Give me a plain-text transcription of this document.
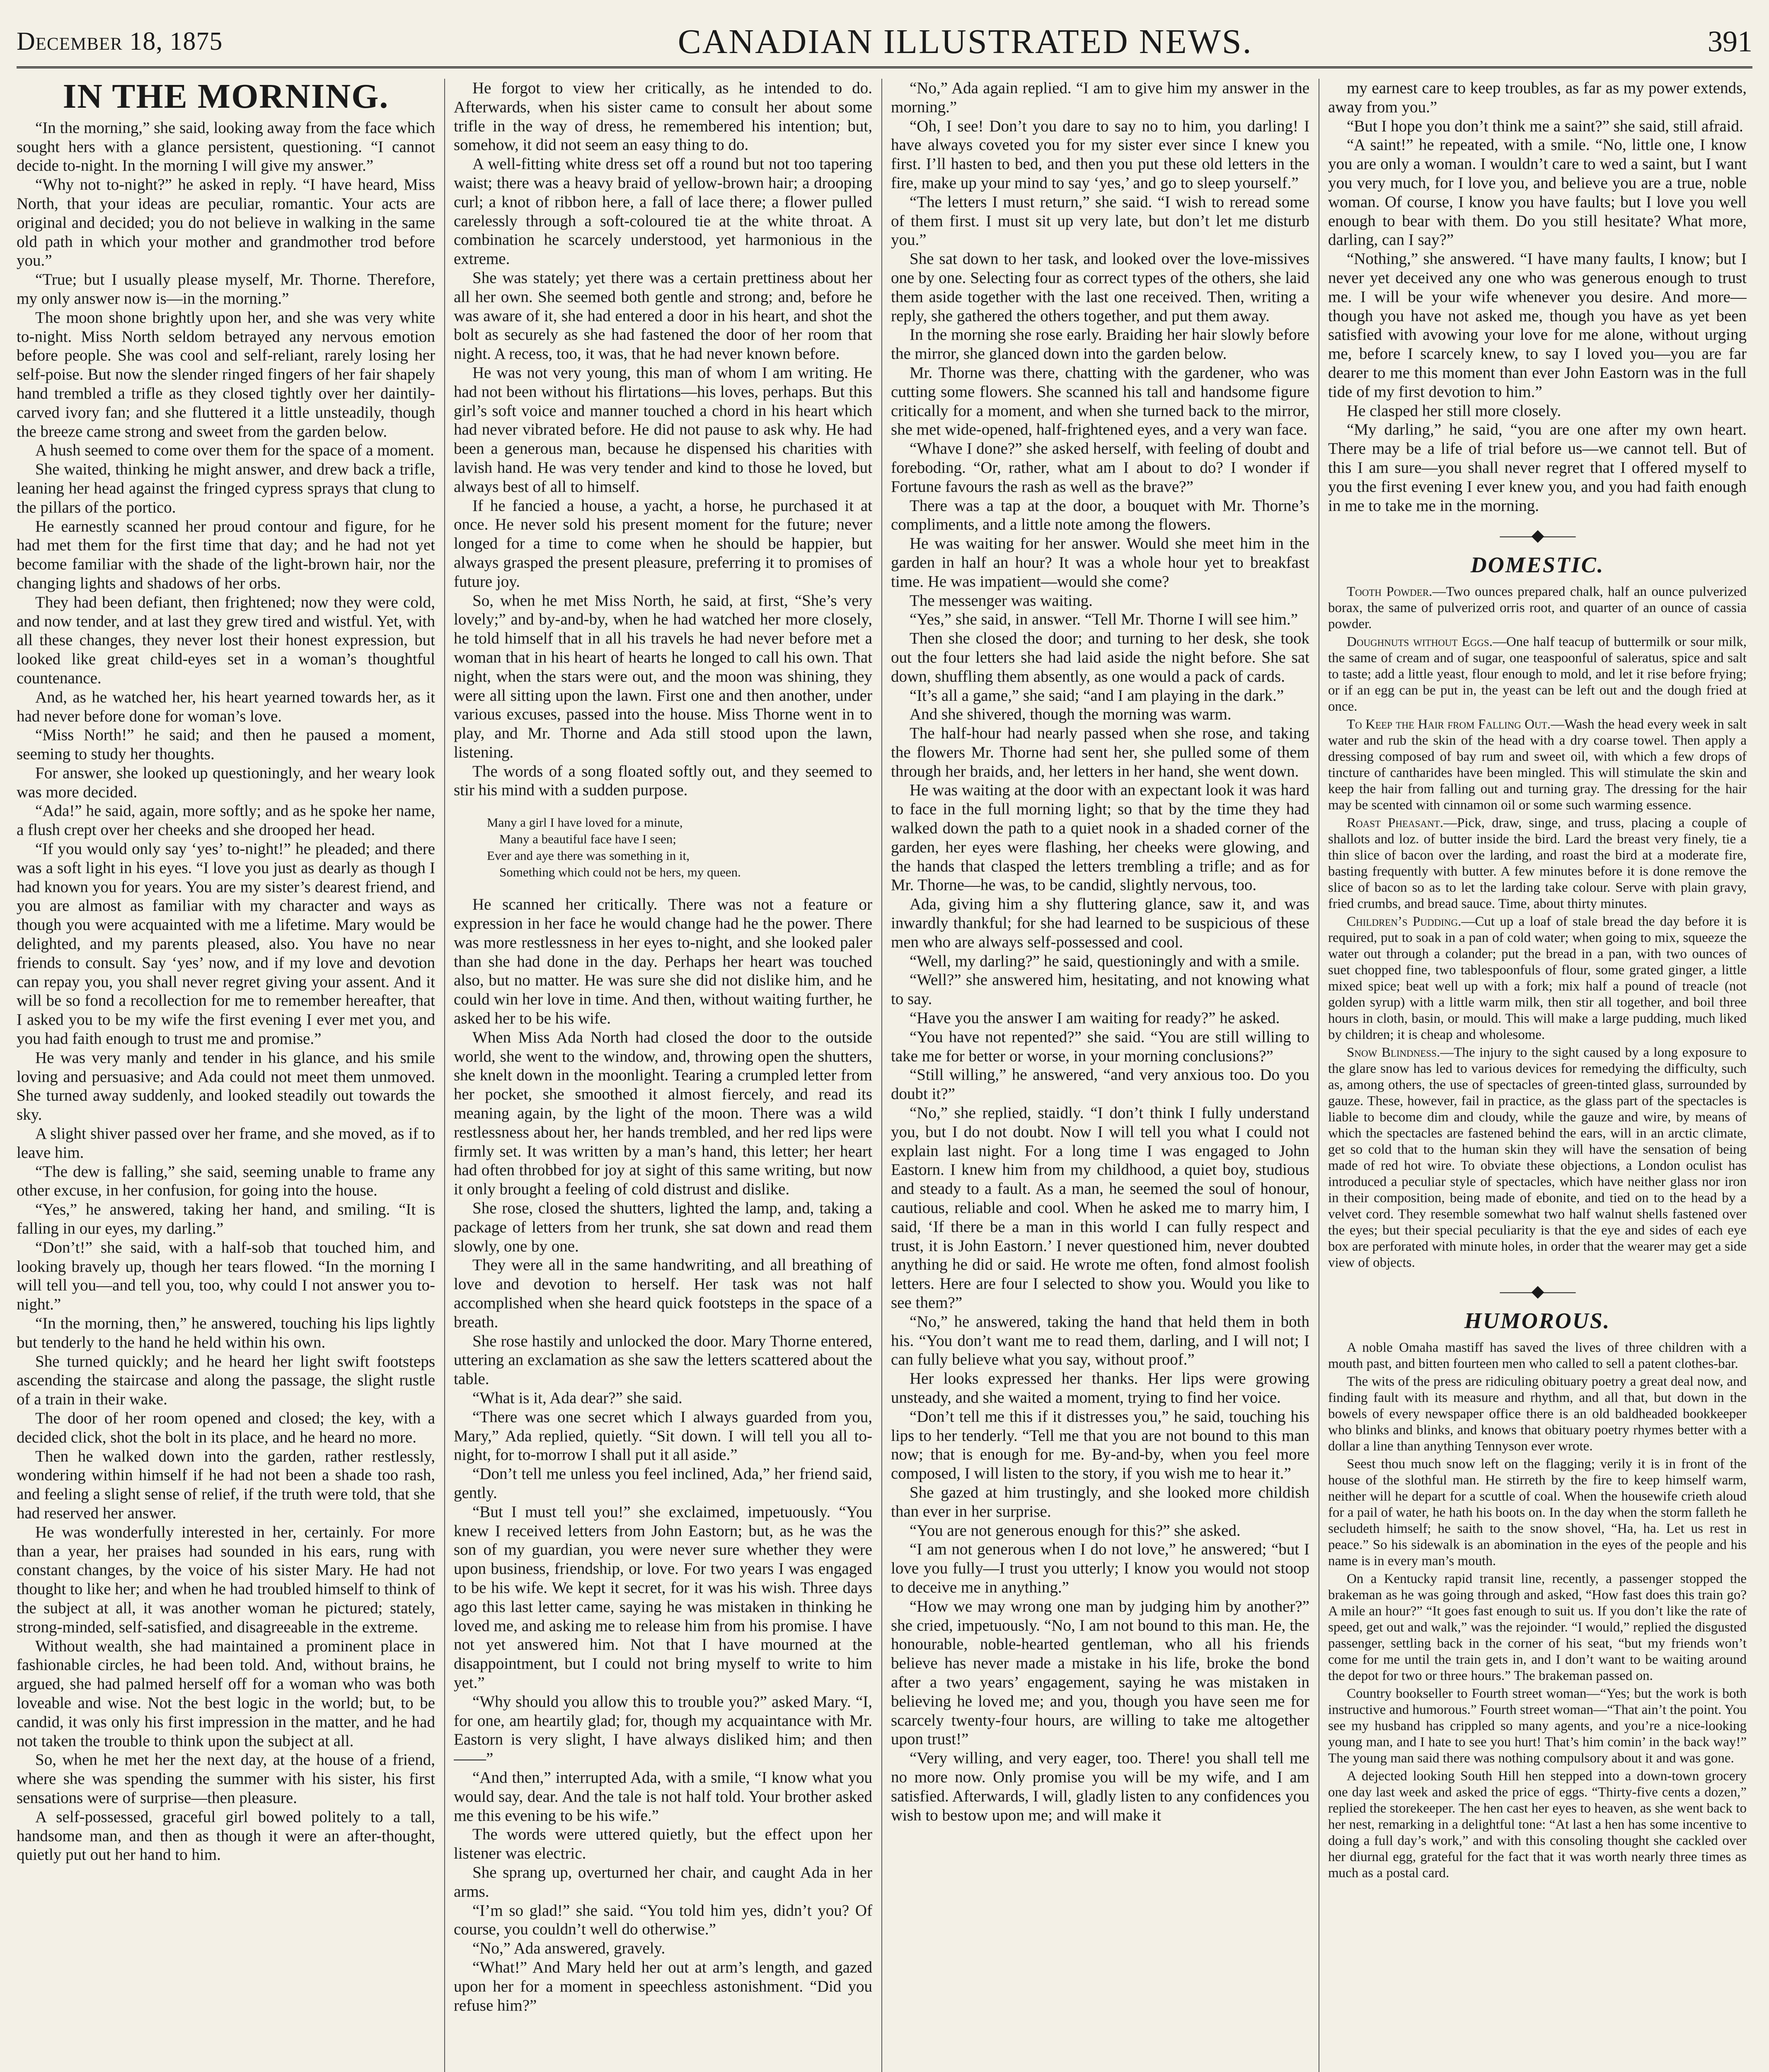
December 18, 1875	CANADIAN ILLUSTRATED NEWS.	391
IN THE MORNING.

“In the morning,” she said, looking away from the face which sought hers with a glance persistent, questioning. “I cannot decide to-night. In the morning I will give my answer.”

“Why not to-night?” he asked in reply. “I have heard, Miss North, that your ideas are peculiar, romantic. Your acts are original and decided; you do not believe in walking in the same old path in which your mother and grandmother trod before you.”

“True; but I usually please myself, Mr. Thorne. Therefore, my only answer now is—in the morning.”

The moon shone brightly upon her, and she was very white to-night. Miss North seldom betrayed any nervous emotion before people. She was cool and self-reliant, rarely losing her self-poise. But now the slender ringed fingers of her fair shapely hand trembled a trifle as they closed tightly over her daintily-carved ivory fan; and she fluttered it a little unsteadily, though the breeze came strong and sweet from the garden below.

A hush seemed to come over them for the space of a moment.

She waited, thinking he might answer, and drew back a trifle, leaning her head against the fringed cypress sprays that clung to the pillars of the portico.

He earnestly scanned her proud contour and figure, for he had met them for the first time that day; and he had not yet become familiar with the shade of the light-brown hair, nor the changing lights and shadows of her orbs.

They had been defiant, then frightened; now they were cold, and now tender, and at last they grew tired and wistful. Yet, with all these changes, they never lost their honest expression, but looked like great child-eyes set in a woman’s thoughtful countenance.

And, as he watched her, his heart yearned towards her, as it had never before done for woman’s love.

“Miss North!” he said; and then he paused a moment, seeming to study her thoughts.

For answer, she looked up questioningly, and her weary look was more decided.

“Ada!” he said, again, more softly; and as he spoke her name, a flush crept over her cheeks and she drooped her head.

“If you would only say ‘yes’ to-night!” he pleaded; and there was a soft light in his eyes. “I love you just as dearly as though I had known you for years. You are my sister’s dearest friend, and you are almost as familiar with my character and ways as though you were acquainted with me a lifetime. Mary would be delighted, and my parents pleased, also. You have no near friends to consult. Say ‘yes’ now, and if my love and devotion can repay you, you shall never regret giving your assent. And it will be so fond a recollection for me to remember hereafter, that I asked you to be my wife the first evening I ever met you, and you had faith enough to trust me and promise.”

He was very manly and tender in his glance, and his smile loving and persuasive; and Ada could not meet them unmoved. She turned away suddenly, and looked steadily out towards the sky.

A slight shiver passed over her frame, and she moved, as if to leave him.

“The dew is falling,” she said, seeming unable to frame any other excuse, in her confusion, for going into the house.

“Yes,” he answered, taking her hand, and smiling. “It is falling in our eyes, my darling.”

“Don’t!” she said, with a half-sob that touched him, and looking bravely up, though her tears flowed. “In the morning I will tell you—and tell you, too, why could I not answer you to-night.”

“In the morning, then,” he answered, touching his lips lightly but tenderly to the hand he held within his own.

She turned quickly; and he heard her light swift footsteps ascending the staircase and along the passage, the slight rustle of a train in their wake.

The door of her room opened and closed; the key, with a decided click, shot the bolt in its place, and he heard no more.

Then he walked down into the garden, rather restlessly, wondering within himself if he had not been a shade too rash, and feeling a slight sense of relief, if the truth were told, that she had reserved her answer.

He was wonderfully interested in her, certainly. For more than a year, her praises had sounded in his ears, rung with constant changes, by the voice of his sister Mary. He had not thought to like her; and when he had troubled himself to think of the subject at all, it was another woman he pictured; stately, strong-minded, self-satisfied, and disagreeable in the extreme.

Without wealth, she had maintained a prominent place in fashionable circles, he had been told. And, without brains, he argued, she had palmed herself off for a woman who was both loveable and wise. Not the best logic in the world; but, to be candid, it was only his first impression in the matter, and he had not taken the trouble to think upon the subject at all.

So, when he met her the next day, at the house of a friend, where she was spending the summer with his sister, his first sensations were of surprise—then pleasure.

A self-possessed, graceful girl bowed politely to a tall, handsome man, and then as though it were an after-thought, quietly put out her hand to him.

He forgot to view her critically, as he intended to do. Afterwards, when his sister came to consult her about some trifle in the way of dress, he remembered his intention; but, somehow, it did not seem an easy thing to do.

A well-fitting white dress set off a round but not too tapering waist; there was a heavy braid of yellow-brown hair; a drooping curl; a knot of ribbon here, a fall of lace there; a flower pulled carelessly through a soft-coloured tie at the white throat. A combination he scarcely understood, yet harmonious in the extreme.

She was stately; yet there was a certain prettiness about her all her own. She seemed both gentle and strong; and, before he was aware of it, she had entered a door in his heart, and shot the bolt as securely as she had fastened the door of her room that night. A recess, too, it was, that he had never known before.

He was not very young, this man of whom I am writing. He had not been without his flirtations—his loves, perhaps. But this girl’s soft voice and manner touched a chord in his heart which had never vibrated before. He did not pause to ask why. He had been a generous man, because he dispensed his charities with lavish hand. He was very tender and kind to those he loved, but always best of all to himself.

If he fancied a house, a yacht, a horse, he purchased it at once. He never sold his present moment for the future; never longed for a time to come when he should be happier, but always grasped the present pleasure, preferring it to promises of future joy.

So, when he met Miss North, he said, at first, “She’s very lovely;” and by-and-by, when he had watched her more closely, he told himself that in all his travels he had never before met a woman that in his heart of hearts he longed to call his own. That night, when the stars were out, and the moon was shining, they were all sitting upon the lawn. First one and then another, under various excuses, passed into the house. Miss Thorne went in to play, and Mr. Thorne and Ada still stood upon the lawn, listening.

The words of a song floated softly out, and they seemed to stir his mind with a sudden purpose.

Many a girl I have loved for a minute,
Many a beautiful face have I seen;
Ever and aye there was something in it,
Something which could not be hers, my queen.

He scanned her critically. There was not a feature or expression in her face he would change had he the power. There was more restlessness in her eyes to-night, and she looked paler than she had done in the day. Perhaps her heart was touched also, but no matter. He was sure she did not dislike him, and he could win her love in time. And then, without waiting further, he asked her to be his wife.

When Miss Ada North had closed the door to the outside world, she went to the window, and, throwing open the shutters, she knelt down in the moonlight. Tearing a crumpled letter from her pocket, she smoothed it almost fiercely, and read its meaning again, by the light of the moon. There was a wild restlessness about her, her hands trembled, and her red lips were firmly set. It was written by a man’s hand, this letter; her heart had often throbbed for joy at sight of this same writing, but now it only brought a feeling of cold distrust and dislike.

She rose, closed the shutters, lighted the lamp, and, taking a package of letters from her trunk, she sat down and read them slowly, one by one.

They were all in the same handwriting, and all breathing of love and devotion to herself. Her task was not half accomplished when she heard quick footsteps in the space of a breath.

She rose hastily and unlocked the door. Mary Thorne entered, uttering an exclamation as she saw the letters scattered about the table.

“What is it, Ada dear?” she said.

“There was one secret which I always guarded from you, Mary,” Ada replied, quietly. “Sit down. I will tell you all to-night, for to-morrow I shall put it all aside.”

“Don’t tell me unless you feel inclined, Ada,” her friend said, gently.

“But I must tell you!” she exclaimed, impetuously. “You knew I received letters from John Eastorn; but, as he was the son of my guardian, you were never sure whether they were upon business, friendship, or love. For two years I was engaged to be his wife. We kept it secret, for it was his wish. Three days ago this last letter came, saying he was mistaken in thinking he loved me, and asking me to release him from his promise. I have not yet answered him. Not that I have mourned at the disappointment, but I could not bring myself to write to him yet.”

“Why should you allow this to trouble you?” asked Mary. “I, for one, am heartily glad; for, though my acquaintance with Mr. Eastorn is very slight, I have always disliked him; and then——”

“And then,” interrupted Ada, with a smile, “I know what you would say, dear. And the tale is not half told. Your brother asked me this evening to be his wife.”

The words were uttered quietly, but the effect upon her listener was electric.

She sprang up, overturned her chair, and caught Ada in her arms.

“I’m so glad!” she said. “You told him yes, didn’t you? Of course, you couldn’t well do otherwise.”

“No,” Ada answered, gravely.

“What!” And Mary held her out at arm’s length, and gazed upon her for a moment in speechless astonishment. “Did you refuse him?”

“No,” Ada again replied. “I am to give him my answer in the morning.”

“Oh, I see! Don’t you dare to say no to him, you darling! I have always coveted you for my sister ever since I knew you first. I’ll hasten to bed, and then you put these old letters in the fire, make up your mind to say ‘yes,’ and go to sleep yourself.”

“The letters I must return,” she said. “I wish to reread some of them first. I must sit up very late, but don’t let me disturb you.”

She sat down to her task, and looked over the love-missives one by one. Selecting four as correct types of the others, she laid them aside together with the last one received. Then, writing a reply, she gathered the others together, and put them away.

In the morning she rose early. Braiding her hair slowly before the mirror, she glanced down into the garden below.

Mr. Thorne was there, chatting with the gardener, who was cutting some flowers. She scanned his tall and handsome figure critically for a moment, and when she turned back to the mirror, she met wide-opened, half-frightened eyes, and a very wan face.

“Whave I done?” she asked herself, with feeling of doubt and foreboding. “Or, rather, what am I about to do? I wonder if Fortune favours the rash as well as the brave?”

There was a tap at the door, a bouquet with Mr. Thorne’s compliments, and a little note among the flowers.

He was waiting for her answer. Would she meet him in the garden in half an hour? It was a whole hour yet to breakfast time. He was impatient—would she come?

The messenger was waiting.

“Yes,” she said, in answer. “Tell Mr. Thorne I will see him.”

Then she closed the door; and turning to her desk, she took out the four letters she had laid aside the night before. She sat down, shuffling them absently, as one would a pack of cards.

“It’s all a game,” she said; “and I am playing in the dark.”

And she shivered, though the morning was warm.

The half-hour had nearly passed when she rose, and taking the flowers Mr. Thorne had sent her, she pulled some of them through her braids, and, her letters in her hand, she went down.

He was waiting at the door with an expectant look it was hard to face in the full morning light; so that by the time they had walked down the path to a quiet nook in a shaded corner of the garden, her eyes were flashing, her cheeks were glowing, and the hands that clasped the letters trembling a trifle; and as for Mr. Thorne—he was, to be candid, slightly nervous, too.

Ada, giving him a shy fluttering glance, saw it, and was inwardly thankful; for she had learned to be suspicious of these men who are always self-possessed and cool.

“Well, my darling?” he said, questioningly and with a smile.

“Well?” she answered him, hesitating, and not knowing what to say.

“Have you the answer I am waiting for ready?” he asked.

“You have not repented?” she said. “You are still willing to take me for better or worse, in your morning conclusions?”

“Still willing,” he answered, “and very anxious too. Do you doubt it?”

“No,” she replied, staidly. “I don’t think I fully understand you, but I do not doubt. Now I will tell you what I could not explain last night. For a long time I was engaged to John Eastorn. I knew him from my childhood, a quiet boy, studious and steady to a fault. As a man, he seemed the soul of honour, cautious, reliable and cool. When he asked me to marry him, I said, ‘If there be a man in this world I can fully respect and trust, it is John Eastorn.’ I never questioned him, never doubted anything he did or said. He wrote me often, fond almost foolish letters. Here are four I selected to show you. Would you like to see them?”

“No,” he answered, taking the hand that held them in both his. “You don’t want me to read them, darling, and I will not; I can fully believe what you say, without proof.”

Her looks expressed her thanks. Her lips were growing unsteady, and she waited a moment, trying to find her voice.

“Don’t tell me this if it distresses you,” he said, touching his lips to her tenderly. “Tell me that you are not bound to this man now; that is enough for me. By-and-by, when you feel more composed, I will listen to the story, if you wish me to hear it.”

She gazed at him trustingly, and she looked more childish than ever in her surprise.

“You are not generous enough for this?” she asked.

“I am not generous when I do not love,” he answered; “but I love you fully—I trust you utterly; I know you would not stoop to deceive me in anything.”

“How we may wrong one man by judging him by another?” she cried, impetuously. “No, I am not bound to this man. He, the honourable, noble-hearted gentleman, who all his friends believe has never made a mistake in his life, broke the bond after a two years’ engagement, saying he was mistaken in believing he loved me; and you, though you have seen me for scarcely twenty-four hours, are willing to take me altogether upon trust!”

“Very willing, and very eager, too. There! you shall tell me no more now. Only promise you will be my wife, and I am satisfied. Afterwards, I will, gladly listen to any confidences you wish to bestow upon me; and will make it

my earnest care to keep troubles, as far as my power extends, away from you.”

“But I hope you don’t think me a saint?” she said, still afraid.

“A saint!” he repeated, with a smile. “No, little one, I know you are only a woman. I wouldn’t care to wed a saint, but I want you very much, for I love you, and believe you are a true, noble woman. Of course, I know you have faults; but I love you well enough to bear with them. Do you still hesitate? What more, darling, can I say?”

“Nothing,” she answered. “I have many faults, I know; but I never yet deceived any one who was generous enough to trust me. I will be your wife whenever you desire. And more—though you have not asked me, though you have as yet been satisfied with avowing your love for me alone, without urging me, before I scarcely knew, to say I loved you—you are far dearer to me this moment than ever John Eastorn was in the full tide of my first devotion to him.”

He clasped her still more closely.

“My darling,” he said, “you are one after my own heart. There may be a life of trial before us—we cannot tell. But of this I am sure—you shall never regret that I offered myself to you the first evening I ever knew you, and you had faith enough in me to take me in the morning.

――◆――
DOMESTIC.

Tooth Powder.—Two ounces prepared chalk, half an ounce pulverized borax, the same of pulverized orris root, and quarter of an ounce of cassia powder.

Doughnuts without Eggs.—One half teacup of buttermilk or sour milk, the same of cream and of sugar, one teaspoonful of saleratus, spice and salt to taste; add a little yeast, flour enough to mold, and let it rise before frying; or if an egg can be put in, the yeast can be left out and the dough fried at once.

To Keep the Hair from Falling Out.—Wash the head every week in salt water and rub the skin of the head with a dry coarse towel. Then apply a dressing composed of bay rum and sweet oil, with which a few drops of tincture of cantharides have been mingled. This will stimulate the skin and keep the hair from falling out and turning gray. The dressing for the hair may be scented with cinnamon oil or some such warming essence.

Roast Pheasant.—Pick, draw, singe, and truss, placing a couple of shallots and loz. of butter inside the bird. Lard the breast very finely, tie a thin slice of bacon over the larding, and roast the bird at a moderate fire, basting frequently with butter. A few minutes before it is done remove the slice of bacon so as to let the larding take colour. Serve with plain gravy, fried crumbs, and bread sauce. Time, about thirty minutes.

Children’s Pudding.—Cut up a loaf of stale bread the day before it is required, put to soak in a pan of cold water; when going to mix, squeeze the water out through a colander; put the bread in a pan, with two ounces of suet chopped fine, two tablespoonfuls of flour, some grated ginger, a little mixed spice; beat well up with a fork; mix half a pound of treacle (not golden syrup) with a little warm milk, then stir all together, and boil three hours in cloth, basin, or mould. This will make a large pudding, much liked by children; it is cheap and wholesome.

Snow Blindness.—The injury to the sight caused by a long exposure to the glare snow has led to various devices for remedying the difficulty, such as, among others, the use of spectacles of green-tinted glass, surrounded by gauze. These, however, fail in practice, as the glass part of the spectacles is liable to become dim and cloudy, while the gauze and wire, by means of which the spectacles are fastened behind the ears, will in an arctic climate, get so cold that to the human skin they will have the sensation of being made of red hot wire. To obviate these objections, a London oculist has introduced a peculiar style of spectacles, which have neither glass nor iron in their composition, being made of ebonite, and tied on to the head by a velvet cord. They resemble somewhat two half walnut shells fastened over the eyes; but their special peculiarity is that the eye and sides of each eye box are perforated with minute holes, in order that the wearer may get a side view of objects.

――◆――
HUMOROUS.

A noble Omaha mastiff has saved the lives of three children with a mouth past, and bitten fourteen men who called to sell a patent clothes-bar.

The wits of the press are ridiculing obituary poetry a great deal now, and finding fault with its measure and rhythm, and all that, but down in the bowels of every newspaper office there is an old baldheaded bookkeeper who blinks and blinks, and knows that obituary poetry rhymes better with a dollar a line than anything Tennyson ever wrote.

Seest thou much snow left on the flagging; verily it is in front of the house of the slothful man. He stirreth by the fire to keep himself warm, neither will he depart for a scuttle of coal. When the housewife crieth aloud for a pail of water, he hath his boots on. In the day when the storm falleth he secludeth himself; he saith to the snow shovel, “Ha, ha. Let us rest in peace.” So his sidewalk is an abomination in the eyes of the people and his name is in every man’s mouth.

On a Kentucky rapid transit line, recently, a passenger stopped the brakeman as he was going through and asked, “How fast does this train go? A mile an hour?” “It goes fast enough to suit us. If you don’t like the rate of speed, get out and walk,” was the rejoinder. “I would,” replied the disgusted passenger, settling back in the corner of his seat, “but my friends won’t come for me until the train gets in, and I don’t want to be waiting around the depot for two or three hours.” The brakeman passed on.

Country bookseller to Fourth street woman—“Yes; but the work is both instructive and humorous.” Fourth street woman—“That ain’t the point. You see my husband has crippled so many agents, and you’re a nice-looking young man, and I hate to see you hurt! That’s him comin’ in the back way!” The young man said there was nothing compulsory about it and was gone.

A dejected looking South Hill hen stepped into a down-town grocery one day last week and asked the price of eggs. “Thirty-five cents a dozen,” replied the storekeeper. The hen cast her eyes to heaven, as she went back to her nest, remarking in a delightful tone: “At last a hen has some incentive to doing a full day’s work,” and with this consoling thought she cackled over her diurnal egg, grateful for the fact that it was worth nearly three times as much as a postal card.
